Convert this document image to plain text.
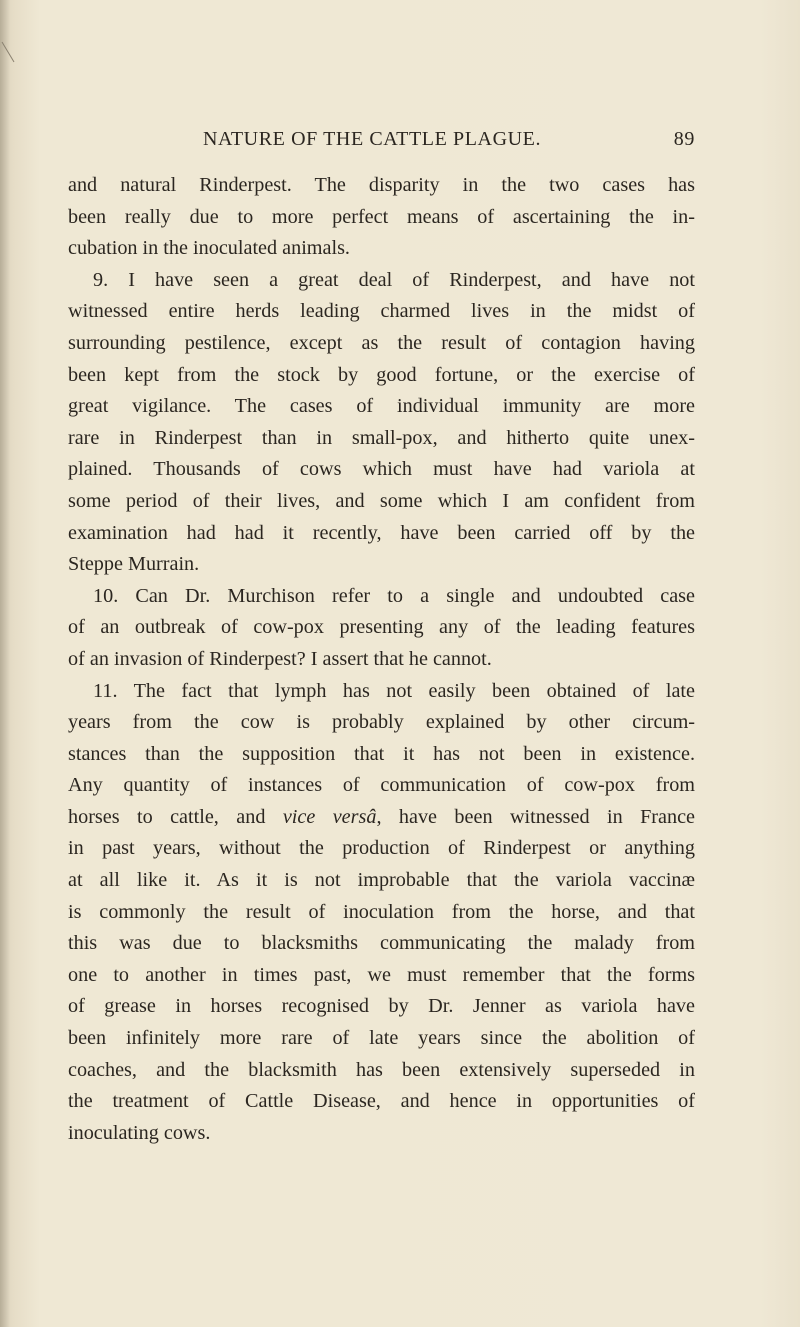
NATURE OF THE CATTLE PLAGUE.	89
and natural Rinderpest. The disparity in the two cases has
been really due to more perfect means of ascertaining the in-
cubation in the inoculated animals.
9. I have seen a great deal of Rinderpest, and have not
witnessed entire herds leading charmed lives in the midst of
surrounding pestilence, except as the result of contagion having
been kept from the stock by good fortune, or the exercise of
great vigilance. The cases of individual immunity are more
rare in Rinderpest than in small-pox, and hitherto quite unex-
plained. Thousands of cows which must have had variola at
some period of their lives, and some which I am confident from
examination had had it recently, have been carried off by the
Steppe Murrain.
10. Can Dr. Murchison refer to a single and undoubted case
of an outbreak of cow-pox presenting any of the leading features
of an invasion of Rinderpest? I assert that he cannot.
11. The fact that lymph has not easily been obtained of late
years from the cow is probably explained by other circum-
stances than the supposition that it has not been in existence.
Any quantity of instances of communication of cow-pox from
horses to cattle, and vice versâ, have been witnessed in France
in past years, without the production of Rinderpest or anything
at all like it. As it is not improbable that the variola vaccinæ
is commonly the result of inoculation from the horse, and that
this was due to blacksmiths communicating the malady from
one to another in times past, we must remember that the forms
of grease in horses recognised by Dr. Jenner as variola have
been infinitely more rare of late years since the abolition of
coaches, and the blacksmith has been extensively superseded in
the treatment of Cattle Disease, and hence in opportunities of
inoculating cows.
